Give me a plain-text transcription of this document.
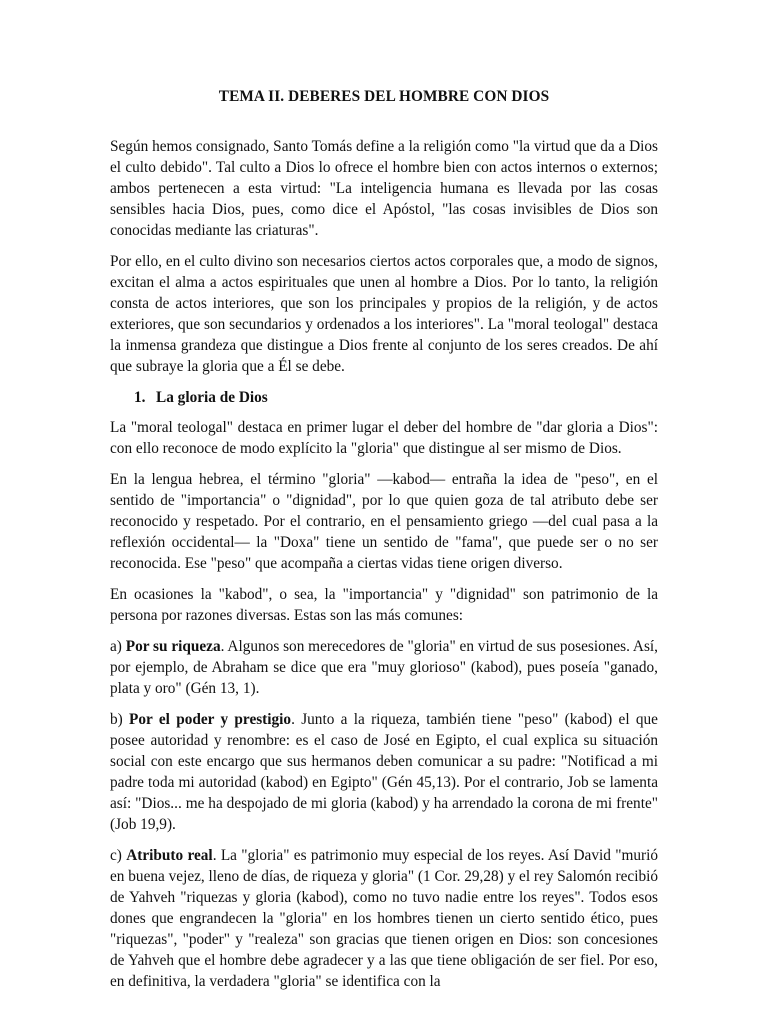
TEMA II. DEBERES DEL HOMBRE CON DIOS

Según hemos consignado, Santo Tomás define a la religión como "la virtud que da a Dios el culto debido". Tal culto a Dios lo ofrece el hombre bien con actos internos o externos; ambos pertenecen a esta virtud: "La inteligencia humana es llevada por las cosas sensibles hacia Dios, pues, como dice el Apóstol, "las cosas invisibles de Dios son conocidas mediante las criaturas".

Por ello, en el culto divino son necesarios ciertos actos corporales que, a modo de signos, excitan el alma a actos espirituales que unen al hombre a Dios. Por lo tanto, la religión consta de actos interiores, que son los principales y propios de la religión, y de actos exteriores, que son secundarios y ordenados a los interiores". La "moral teologal" destaca la inmensa grandeza que distingue a Dios frente al conjunto de los seres creados. De ahí que subraye la gloria que a Él se debe.

1. La gloria de Dios

La "moral teologal" destaca en primer lugar el deber del hombre de "dar gloria a Dios": con ello reconoce de modo explícito la "gloria" que distingue al ser mismo de Dios.

En la lengua hebrea, el término "gloria" —kabod— entraña la idea de "peso", en el sentido de "importancia" o "dignidad", por lo que quien goza de tal atributo debe ser reconocido y respetado. Por el contrario, en el pensamiento griego —del cual pasa a la reflexión occidental— la "Doxa" tiene un sentido de "fama", que puede ser o no ser reconocida. Ese "peso" que acompaña a ciertas vidas tiene origen diverso.

En ocasiones la "kabod", o sea, la "importancia" y "dignidad" son patrimonio de la persona por razones diversas. Estas son las más comunes:

a) Por su riqueza. Algunos son merecedores de "gloria" en virtud de sus posesiones. Así, por ejemplo, de Abraham se dice que era "muy glorioso" (kabod), pues poseía "ganado, plata y oro" (Gén 13, 1).

b) Por el poder y prestigio. Junto a la riqueza, también tiene "peso" (kabod) el que posee autoridad y renombre: es el caso de José en Egipto, el cual explica su situación social con este encargo que sus hermanos deben comunicar a su padre: "Notificad a mi padre toda mi autoridad (kabod) en Egipto" (Gén 45,13). Por el contrario, Job se lamenta así: "Dios... me ha despojado de mi gloria (kabod) y ha arrendado la corona de mi frente" (Job 19,9).

c) Atributo real. La "gloria" es patrimonio muy especial de los reyes. Así David "murió en buena vejez, lleno de días, de riqueza y gloria" (1 Cor. 29,28) y el rey Salomón recibió de Yahveh "riquezas y gloria (kabod), como no tuvo nadie entre los reyes". Todos esos dones que engrandecen la "gloria" en los hombres tienen un cierto sentido ético, pues "riquezas", "poder" y "realeza" son gracias que tienen origen en Dios: son concesiones de Yahveh que el hombre debe agradecer y a las que tiene obligación de ser fiel. Por eso, en definitiva, la verdadera "gloria" se identifica con la
